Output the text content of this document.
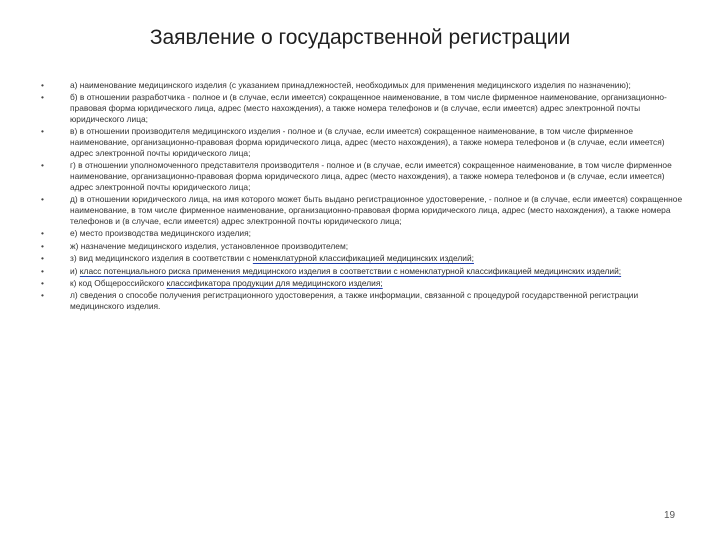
Заявление о государственной регистрации
•	а) наименование медицинского изделия (с указанием принадлежностей, необходимых для применения медицинского изделия по назначению);
•	б) в отношении разработчика - полное и (в случае, если имеется) сокращенное наименование, в том числе фирменное наименование, организационно-правовая форма юридического лица, адрес (место нахождения), а также номера телефонов и (в случае, если имеется) адрес электронной почты юридического лица;
•	в) в отношении производителя медицинского изделия - полное и (в случае, если имеется) сокращенное наименование, в том числе фирменное наименование, организационно-правовая форма юридического лица, адрес (место нахождения), а также номера телефонов и (в случае, если имеется) адрес электронной почты юридического лица;
•	г) в отношении уполномоченного представителя производителя - полное и (в случае, если имеется) сокращенное наименование, в том числе фирменное наименование, организационно-правовая форма юридического лица, адрес (место нахождения), а также номера телефонов и (в случае, если имеется) адрес электронной почты юридического лица;
•	д) в отношении юридического лица, на имя которого может быть выдано регистрационное удостоверение, - полное и (в случае, если имеется) сокращенное наименование, в том числе фирменное наименование, организационно-правовая форма юридического лица, адрес (место нахождения), а также номера телефонов и (в случае, если имеется) адрес электронной почты юридического лица;
•	е) место производства медицинского изделия;
•	ж) назначение медицинского изделия, установленное производителем;
•	з) вид медицинского изделия в соответствии с номенклатурной классификацией медицинских изделий;
•	и) класс потенциального риска применения медицинского изделия в соответствии с номенклатурной классификацией медицинских изделий;
•	к) код Общероссийского классификатора продукции для медицинского изделия;
•	л) сведения о способе получения регистрационного удостоверения, а также информации, связанной с процедурой государственной регистрации медицинского изделия.
19
